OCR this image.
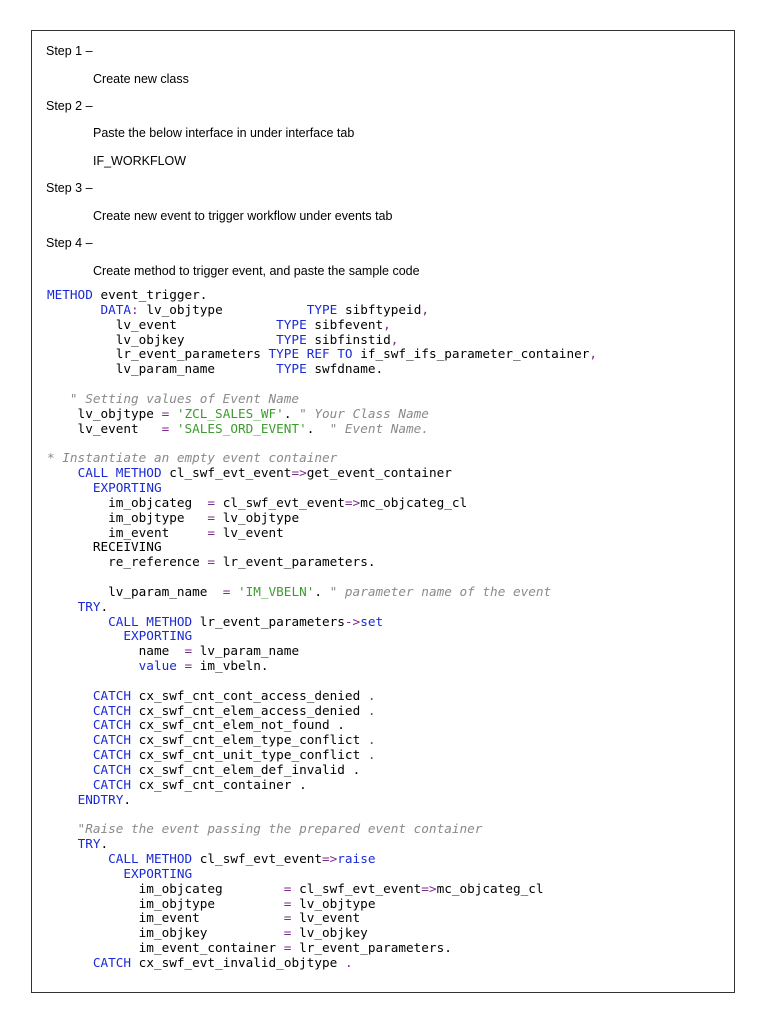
Step 1 –
Create new class
Step 2 –
Paste the below interface in under interface tab
IF_WORKFLOW
Step 3 –
Create new event to trigger workflow under events tab
Step 4 –
Create method to trigger event, and paste the sample code
METHOD event_trigger.
DATA: lv_objtype           TYPE sibftypeid,
lv_event             TYPE sibfevent,
lv_objkey            TYPE sibfinstid,
lr_event_parameters TYPE REF TO if_swf_ifs_parameter_container,
lv_param_name        TYPE swfdname.
" Setting values of Event Name
lv_objtype = 'ZCL_SALES_WF'. " Your Class Name
lv_event   = 'SALES_ORD_EVENT'.  " Event Name.
* Instantiate an empty event container
CALL METHOD cl_swf_evt_event=>get_event_container
EXPORTING
im_objcateg  = cl_swf_evt_event=>mc_objcateg_cl
im_objtype   = lv_objtype
im_event     = lv_event
RECEIVING
re_reference = lr_event_parameters.
lv_param_name  = 'IM_VBELN'. " parameter name of the event
TRY.
CALL METHOD lr_event_parameters->set
EXPORTING
name  = lv_param_name
value = im_vbeln.
CATCH cx_swf_cnt_cont_access_denied .
CATCH cx_swf_cnt_elem_access_denied .
CATCH cx_swf_cnt_elem_not_found .
CATCH cx_swf_cnt_elem_type_conflict .
CATCH cx_swf_cnt_unit_type_conflict .
CATCH cx_swf_cnt_elem_def_invalid .
CATCH cx_swf_cnt_container .
ENDTRY.
"Raise the event passing the prepared event container
TRY.
CALL METHOD cl_swf_evt_event=>raise
EXPORTING
im_objcateg        = cl_swf_evt_event=>mc_objcateg_cl
im_objtype         = lv_objtype
im_event           = lv_event
im_objkey          = lv_objkey
im_event_container = lr_event_parameters.
CATCH cx_swf_evt_invalid_objtype .
